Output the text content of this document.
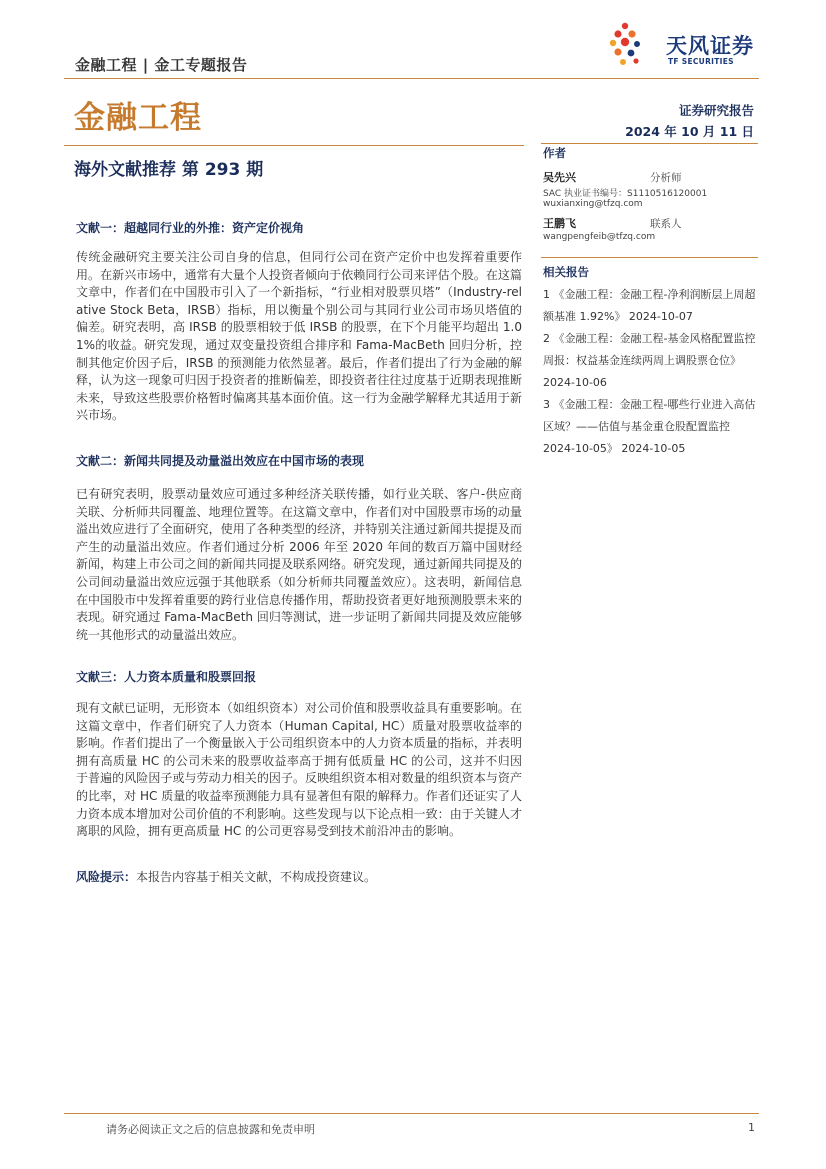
金融工程 | 金工专题报告
天风证券
TF SECURITIES
金融工程	证券研究报告
2024 年 10 月 11 日
海外文献推荐 第 293 期
作者
吴先兴	分析师
SAC 执业证书编号：S1110516120001
wuxianxing@tfzq.com
王鹏飞	联系人
wangpengfeib@tfzq.com
相关报告
1 《金融工程：金融工程-净利润断层上周超额基准 1.92%》 2024-10-07
2 《金融工程：金融工程-基金风格配置监控周报：权益基金连续两周上调股票仓位》 2024-10-06
3 《金融工程：金融工程-哪些行业进入高估区域？——估值与基金重仓股配置监控 2024-10-05》 2024-10-05
文献一：超越同行业的外推：资产定价视角
传统金融研究主要关注公司自身的信息，但同行公司在资产定价中也发挥着重要作用。在新兴市场中，通常有大量个人投资者倾向于依赖同行公司来评估个股。在这篇文章中，作者们在中国股市引入了一个新指标，“行业相对股票贝塔”（Industry-relative Stock Beta，IRSB）指标，用以衡量个别公司与其同行业公司市场贝塔值的偏差。研究表明，高 IRSB 的股票相较于低 IRSB 的股票，在下个月能平均超出 1.01%的收益。研究发现，通过双变量投资组合排序和 Fama-MacBeth 回归分析，控制其他定价因子后，IRSB 的预测能力依然显著。最后，作者们提出了行为金融的解释，认为这一现象可归因于投资者的推断偏差，即投资者往往过度基于近期表现推断未来，导致这些股票价格暂时偏离其基本面价值。这一行为金融学解释尤其适用于新兴市场。
文献二：新闻共同提及动量溢出效应在中国市场的表现
已有研究表明，股票动量效应可通过多种经济关联传播，如行业关联、客户-供应商关联、分析师共同覆盖、地理位置等。在这篇文章中，作者们对中国股票市场的动量溢出效应进行了全面研究，使用了各种类型的经济，并特别关注通过新闻共提提及而产生的动量溢出效应。作者们通过分析 2006 年至 2020 年间的数百万篇中国财经新闻，构建上市公司之间的新闻共同提及联系网络。研究发现，通过新闻共同提及的公司间动量溢出效应远强于其他联系（如分析师共同覆盖效应）。这表明，新闻信息在中国股市中发挥着重要的跨行业信息传播作用，帮助投资者更好地预测股票未来的表现。研究通过 Fama-MacBeth 回归等测试，进一步证明了新闻共同提及效应能够统一其他形式的动量溢出效应。
文献三：人力资本质量和股票回报
现有文献已证明，无形资本（如组织资本）对公司价值和股票收益具有重要影响。在这篇文章中，作者们研究了人力资本（Human Capital, HC）质量对股票收益率的影响。作者们提出了一个衡量嵌入于公司组织资本中的人力资本质量的指标，并表明拥有高质量 HC 的公司未来的股票收益率高于拥有低质量 HC 的公司，这并不归因于普遍的风险因子或与劳动力相关的因子。反映组织资本相对数量的组织资本与资产的比率，对 HC 质量的收益率预测能力具有显著但有限的解释力。作者们还证实了人力资本成本增加对公司价值的不利影响。这些发现与以下论点相一致：由于关键人才离职的风险，拥有更高质量 HC 的公司更容易受到技术前沿冲击的影响。
风险提示：本报告内容基于相关文献，不构成投资建议。
请务必阅读正文之后的信息披露和免责申明	1
